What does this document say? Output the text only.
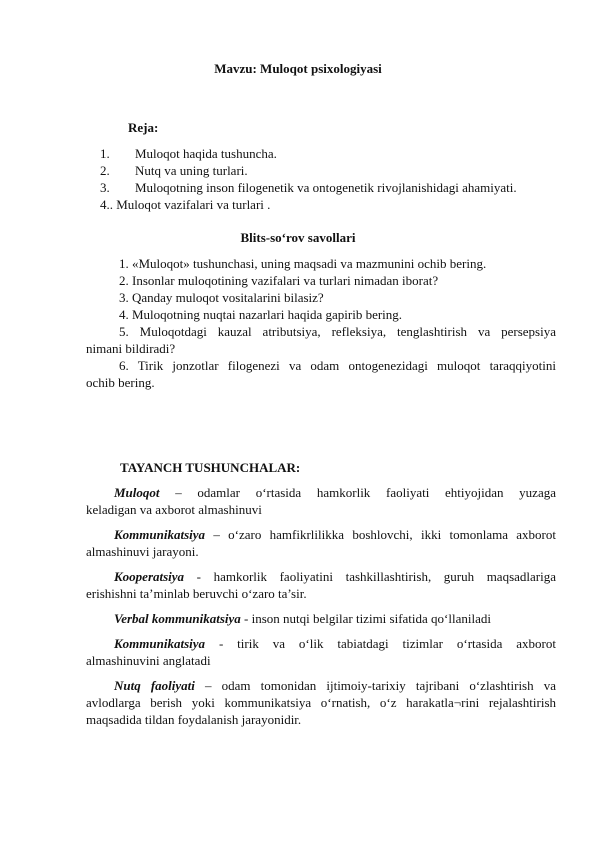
Mavzu: Muloqot psixologiyasi
Reja:
1. Muloqot haqida tushuncha.
2. Nutq va uning turlari.
3. Muloqotning inson filogenetik va ontogenetik rivojlanishidagi ahamiyati.
4.. Muloqot vazifalari va turlari .
Blits-so‘rov savollari
1. «Muloqot» tushunchasi, uning maqsadi va mazmunini ochib bering.
2. Insonlar muloqotining vazifalari va turlari nimadan iborat?
3. Qanday muloqot vositalarini bilasiz?
4. Muloqotning nuqtai nazarlari haqida gapirib bering.
5. Muloqotdagi kauzal atributsiya, refleksiya, tenglashtirish va persepsiya
nimani bildiradi?
6. Tirik jonzotlar filogenezi va odam ontogenezidagi muloqot taraqqiyotini
ochib bering.
TAYANCH TUSHUNCHALAR:
Muloqot – odamlar o‘rtasida hamkorlik faoliyati ehtiyojidan yuzaga
keladigan va axborot almashinuvi
Kommunikatsiya – o‘zaro hamfikrlilikka boshlovchi, ikki tomonlama axborot
almashinuvi jarayoni.
Kooperatsiya - hamkorlik faoliyatini tashkillashtirish, guruh maqsadlariga
erishishni ta’minlab beruvchi o‘zaro ta’sir.
Verbal kommunikatsiya - inson nutqi belgilar tizimi sifatida qo‘llaniladi
Kommunikatsiya - tirik va o‘lik tabiatdagi tizimlar o‘rtasida axborot
almashinuvini anglatadi
Nutq faoliyati – odam tomonidan ijtimoiy-tarixiy tajribani o‘zlashtirish va
avlodlarga berish yoki kommunikatsiya o‘rnatish, o‘z harakatla¬rini rejalashtirish
maqsadida tildan foydalanish jarayonidir.
